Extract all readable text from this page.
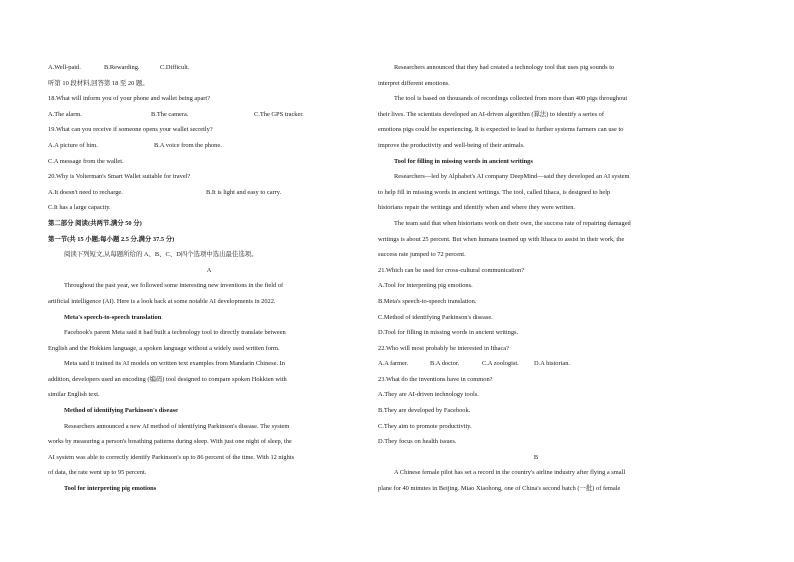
A.Well-paid.	B.Rewarding.	C.Difficult.
听第 10 段材料,回答第 18 至 20 题。
18.What will inform you of your phone and wallet being apart?
A.The alarm.	B.The camera.	C.The GPS tracker.
19.What can you receive if someone opens your wallet secretly?
A.A picture of him.	B.A voice from the phone.
C.A message from the wallet.
20.Why is Volterman's Smart Wallet suitable for travel?
A.It doesn't need to recharge.	B.It is light and easy to carry.
C.It has a large capacity.
第二部分 阅读(共两节,满分 50 分)
第一节(共 15 小题;每小题 2.5 分,满分 37.5 分)
阅读下列短文,从每题所给的 A、B、C、D四个选项中选出最佳选项。
A
Throughout the past year, we followed some interesting new inventions in the field of
artificial intelligence (AI). Here is a look back at some notable AI developments in 2022.
Meta's speech-to-speech translation
Facebook's parent Meta said it had built a technology tool to directly translate between
English and the Hokkien language, a spoken language without a widely used written form.
Meta said it trained its AI models on written text examples from Mandarin Chinese. In
addition, developers used an encoding (编码) tool designed to compare spoken Hokkien with
similar English text.
Method of identifying Parkinson's disease
Researchers announced a new AI method of identifying Parkinson's disease. The system
works by measuring a person's breathing patterns during sleep. With just one night of sleep, the
AI system was able to correctly identify Parkinson's up to 86 percent of the time. With 12 nights
of data, the rate went up to 95 percent.
Tool for interpreting pig emotions
Researchers announced that they had created a technology tool that uses pig sounds to
interpret different emotions.
The tool is based on thousands of recordings collected from more than 400 pigs throughout
their lives. The scientists developed an AI-driven algorithm (算法) to identify a series of
emotions pigs could be experiencing. It is expected to lead to further systems farmers can use to
improve the productivity and well-being of their animals.
Tool for filling in missing words in ancient writings
Researchers—led by Alphabet's AI company DeepMind—said they developed an AI system
to help fill in missing words in ancient writings. The tool, called Ithaca, is designed to help
historians repair the writings and identify when and where they were written.
The team said that when historians work on their own, the success rate of repairing damaged
writings is about 25 percent. But when humans teamed up with Ithaca to assist in their work, the
success rate jumped to 72 percent.
21.Which can be used for cross-cultural communication?
A.Tool for interpreting pig emotions.
B.Meta's speech-to-speech translation.
C.Method of identifying Parkinson's disease.
D.Tool for filling in missing words in ancient writings.
22.Who will most probably be interested in Ithaca?
A.A farmer.	B.A doctor.	C.A zoologist. D.A historian.
23.What do the inventions have in common?
A.They are AI-driven technology tools.
B.They are developed by Facebook.
C.They aim to promote productivity.
D.They focus on health issues.
B
A Chinese female pilot has set a record in the country's airline industry after flying a small
plane for 40 minutes in Beijing. Miao Xiaohong, one of China's second batch (一批) of female
